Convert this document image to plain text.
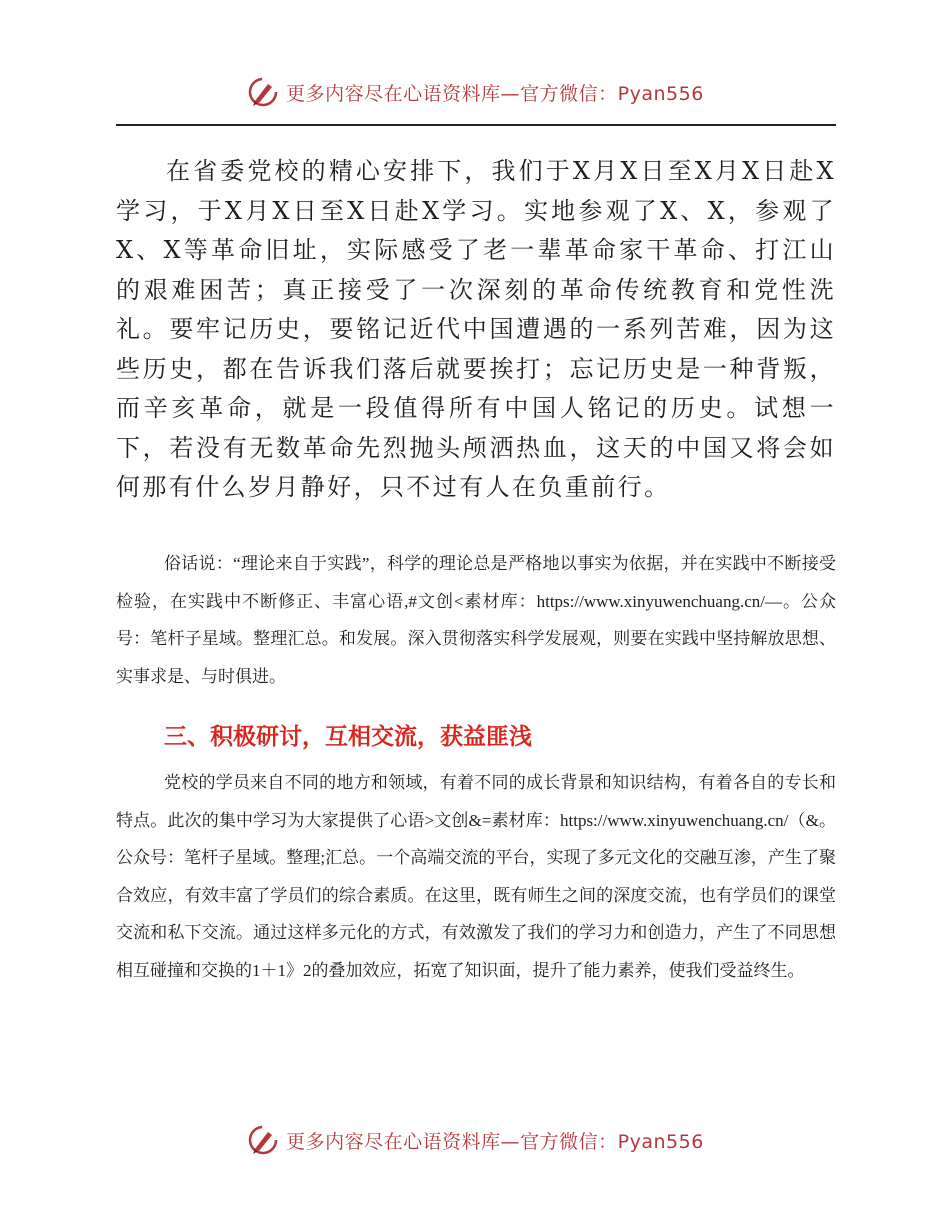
更多内容尽在心语资料库—官方微信：Pyan556

在省委党校的精心安排下，我们于X月X日至X月X日赴X学习，于X月X日至X日赴X学习。实地参观了X、X，参观了X、X等革命旧址，实际感受了老一辈革命家干革命、打江山的艰难困苦；真正接受了一次深刻的革命传统教育和党性洗礼。要牢记历史，要铭记近代中国遭遇的一系列苦难，因为这些历史，都在告诉我们落后就要挨打；忘记历史是一种背叛，而辛亥革命，就是一段值得所有中国人铭记的历史。试想一下，若没有无数革命先烈抛头颅洒热血，这天的中国又将会如何那有什么岁月静好，只不过有人在负重前行。

俗话说：“理论来自于实践”，科学的理论总是严格地以事实为依据，并在实践中不断接受检验，在实践中不断修正、丰富心语,#文创<素材库：https://www.xinyuwenchuang.cn/—。公众号：笔杆子星域。整理汇总。和发展。深入贯彻落实科学发展观，则要在实践中坚持解放思想、实事求是、与时俱进。

三、积极研讨，互相交流，获益匪浅

党校的学员来自不同的地方和领域，有着不同的成长背景和知识结构，有着各自的专长和特点。此次的集中学习为大家提供了心语>文创&=素材库：https://www.xinyuwenchuang.cn/（&。公众号：笔杆子星域。整理;汇总。一个高端交流的平台，实现了多元文化的交融互渗，产生了聚合效应，有效丰富了学员们的综合素质。在这里，既有师生之间的深度交流，也有学员们的课堂交流和私下交流。通过这样多元化的方式，有效激发了我们的学习力和创造力，产生了不同思想相互碰撞和交换的1＋1》2的叠加效应，拓宽了知识面，提升了能力素养，使我们受益终生。

更多内容尽在心语资料库—官方微信：Pyan556
